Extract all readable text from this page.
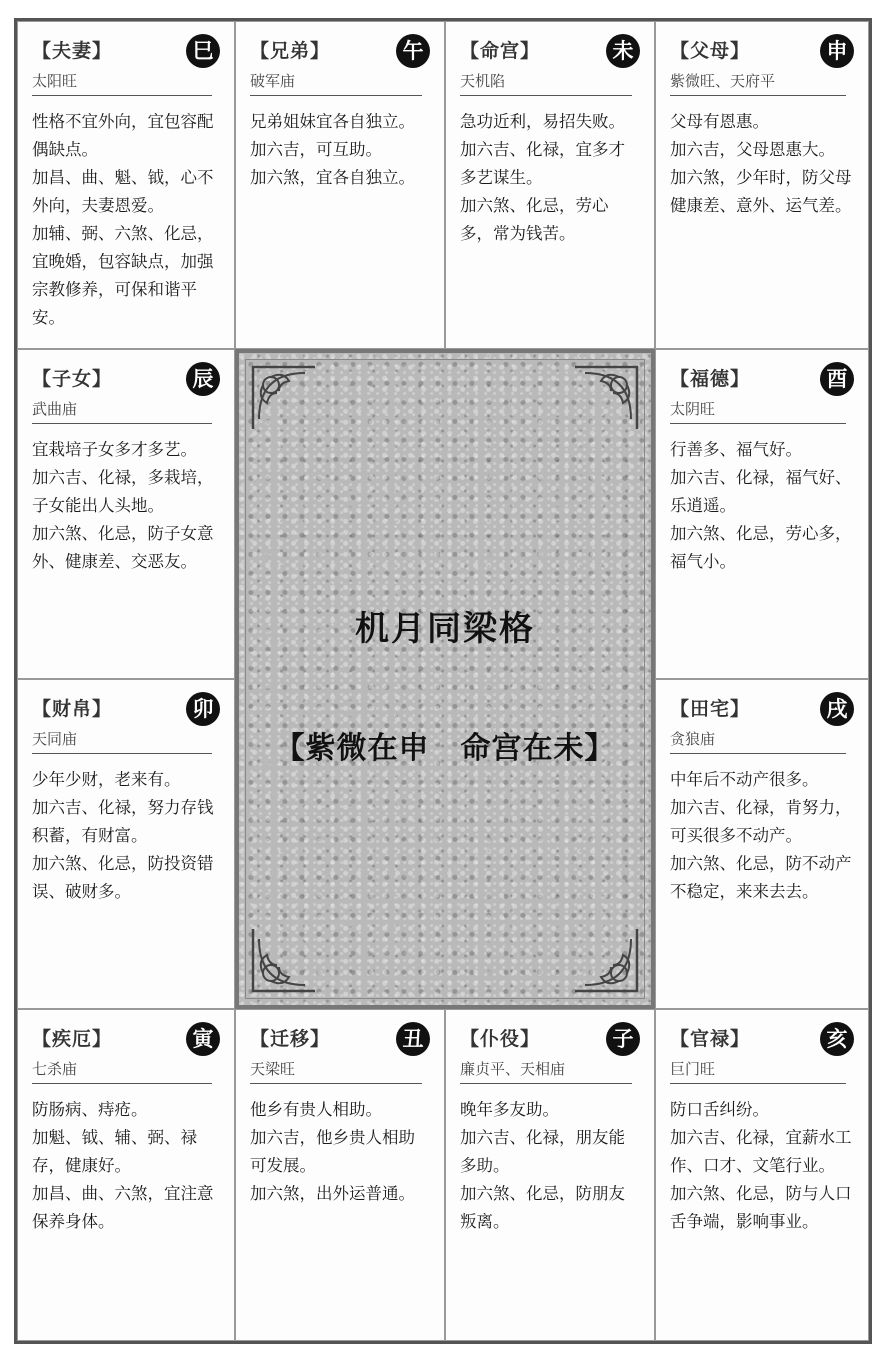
【夫妻】	巳
太阳旺

性格不宜外向，宜包容配偶缺点。

加昌、曲、魁、钺，心不外向，夫妻恩爱。

加辅、弼、六煞、化忌，宜晚婚，包容缺点，加强宗教修养，可保和谐平安。

【兄弟】	午
破军庙

兄弟姐妹宜各自独立。

加六吉，可互助。

加六煞，宜各自独立。

【命宫】	未
天机陷

急功近利，易招失败。

加六吉、化禄，宜多才多艺谋生。

加六煞、化忌，劳心多，常为钱苦。

【父母】	申
紫微旺、天府平

父母有恩惠。

加六吉，父母恩惠大。

加六煞，少年时，防父母健康差、意外、运气差。

【子女】	辰
武曲庙

宜栽培子女多才多艺。

加六吉、化禄，多栽培，子女能出人头地。

加六煞、化忌，防子女意外、健康差、交恶友。

【福德】	酉
太阴旺

行善多、福气好。

加六吉、化禄，福气好、乐逍遥。

加六煞、化忌，劳心多，福气小。

【财帛】	卯
天同庙

少年少财，老来有。

加六吉、化禄，努力存钱积蓄，有财富。

加六煞、化忌，防投资错误、破财多。

【田宅】	戌
贪狼庙

中年后不动产很多。

加六吉、化禄，肯努力，可买很多不动产。

加六煞、化忌，防不动产不稳定，来来去去。

【疾厄】	寅
七杀庙

防肠病、痔疮。

加魁、钺、辅、弼、禄存，健康好。

加昌、曲、六煞，宜注意保养身体。

【迁移】	丑
天梁旺

他乡有贵人相助。

加六吉，他乡贵人相助可发展。

加六煞，出外运普通。

【仆役】	子
廉贞平、天相庙

晚年多友助。

加六吉、化禄，朋友能多助。

加六煞、化忌，防朋友叛离。

【官禄】	亥
巨门旺

防口舌纠纷。

加六吉、化禄，宜薪水工作、口才、文笔行业。

加六煞、化忌，防与人口舌争端，影响事业。

机月同梁格
【紫微在申　命宫在未】
